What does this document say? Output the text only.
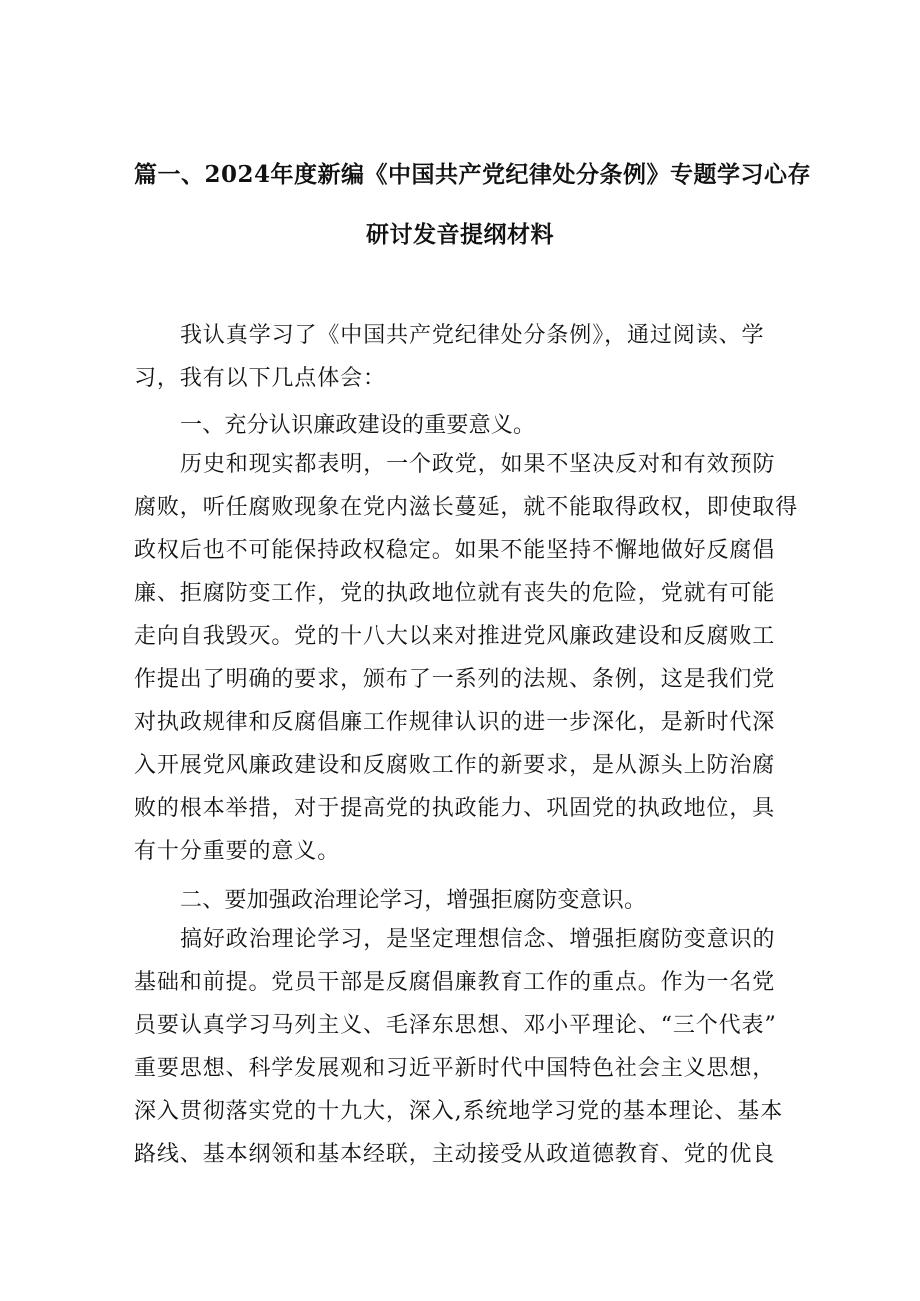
篇一、2024年度新编《中国共产党纪律处分条例》专题学习心存
研讨发音提纲材料
我认真学习了《中国共产党纪律处分条例》，通过阅读、学
习，我有以下几点体会：
一、充分认识廉政建设的重要意义。
历史和现实都表明，一个政党，如果不坚决反对和有效预防
腐败，听任腐败现象在党内滋长蔓延，就不能取得政权，即使取得
政权后也不可能保持政权稳定。如果不能坚持不懈地做好反腐倡
廉、拒腐防变工作，党的执政地位就有丧失的危险，党就有可能
走向自我毁灭。党的十八大以来对推进党风廉政建设和反腐败工
作提出了明确的要求，颁布了一系列的法规、条例，这是我们党
对执政规律和反腐倡廉工作规律认识的进一步深化，是新时代深
入开展党风廉政建设和反腐败工作的新要求，是从源头上防治腐
败的根本举措，对于提高党的执政能力、巩固党的执政地位，具
有十分重要的意义。
二、要加强政治理论学习，增强拒腐防变意识。
搞好政治理论学习，是坚定理想信念、增强拒腐防变意识的
基础和前提。党员干部是反腐倡廉教育工作的重点。作为一名党
员要认真学习马列主义、毛泽东思想、邓小平理论、“三个代表”
重要思想、科学发展观和习近平新时代中国特色社会主义思想，
深入贯彻落实党的十九大，深入,系统地学习党的基本理论、基本
路线、基本纲领和基本经联，主动接受从政道德教育、党的优良
